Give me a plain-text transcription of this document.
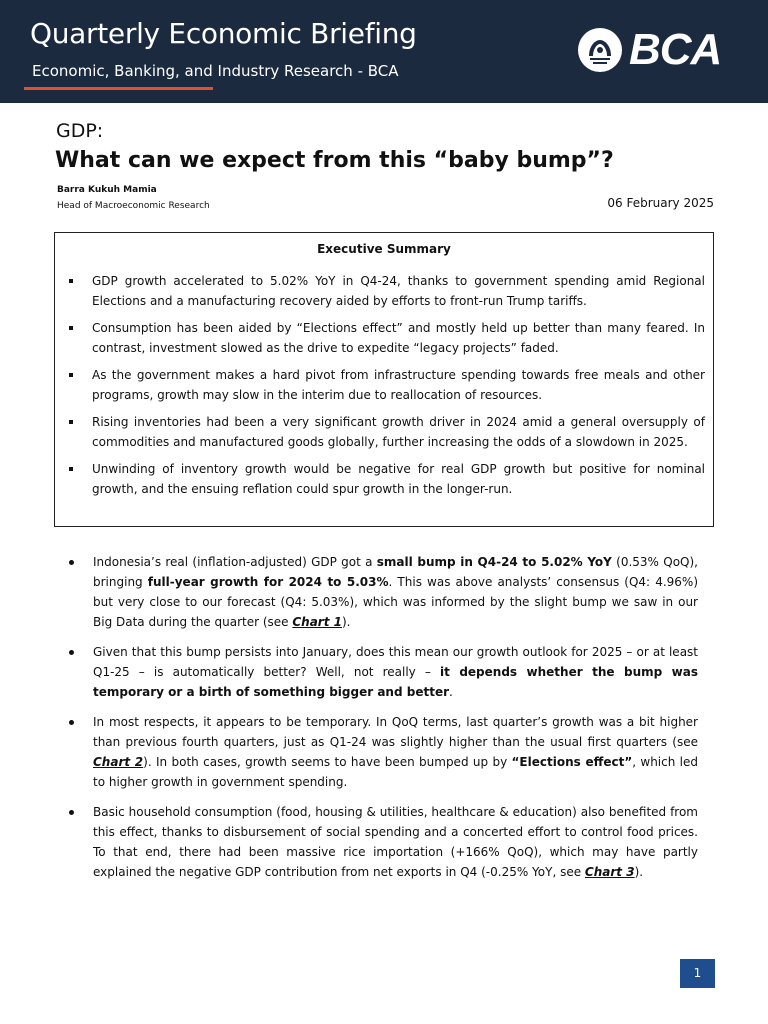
Quarterly Economic Briefing
Economic, Banking, and Industry Research - BCA	BCA
GDP:
What can we expect from this “baby bump”?
Barra Kukuh Mamia
Head of Macroeconomic Research	06 February 2025
Executive Summary
GDP growth accelerated to 5.02% YoY in Q4-24, thanks to government spending amid Regional Elections and a manufacturing recovery aided by efforts to front-run Trump tariffs.
Consumption has been aided by “Elections effect” and mostly held up better than many feared. In contrast, investment slowed as the drive to expedite “legacy projects” faded.
As the government makes a hard pivot from infrastructure spending towards free meals and other programs, growth may slow in the interim due to reallocation of resources.
Rising inventories had been a very significant growth driver in 2024 amid a general oversupply of commodities and manufactured goods globally, further increasing the odds of a slowdown in 2025.
Unwinding of inventory growth would be negative for real GDP growth but positive for nominal growth, and the ensuing reflation could spur growth in the longer-run.
Indonesia’s real (inflation-adjusted) GDP got a small bump in Q4-24 to 5.02% YoY (0.53% QoQ), bringing full-year growth for 2024 to 5.03%. This was above analysts’ consensus (Q4: 4.96%) but very close to our forecast (Q4: 5.03%), which was informed by the slight bump we saw in our Big Data during the quarter (see Chart 1).
Given that this bump persists into January, does this mean our growth outlook for 2025 – or at least Q1-25 – is automatically better? Well, not really – it depends whether the bump was temporary or a birth of something bigger and better.
In most respects, it appears to be temporary. In QoQ terms, last quarter’s growth was a bit higher than previous fourth quarters, just as Q1-24 was slightly higher than the usual first quarters (see Chart 2). In both cases, growth seems to have been bumped up by “Elections effect”, which led to higher growth in government spending.
Basic household consumption (food, housing & utilities, healthcare & education) also benefited from this effect, thanks to disbursement of social spending and a concerted effort to control food prices. To that end, there had been massive rice importation (+166% QoQ), which may have partly explained the negative GDP contribution from net exports in Q4 (-0.25% YoY, see Chart 3).
1
